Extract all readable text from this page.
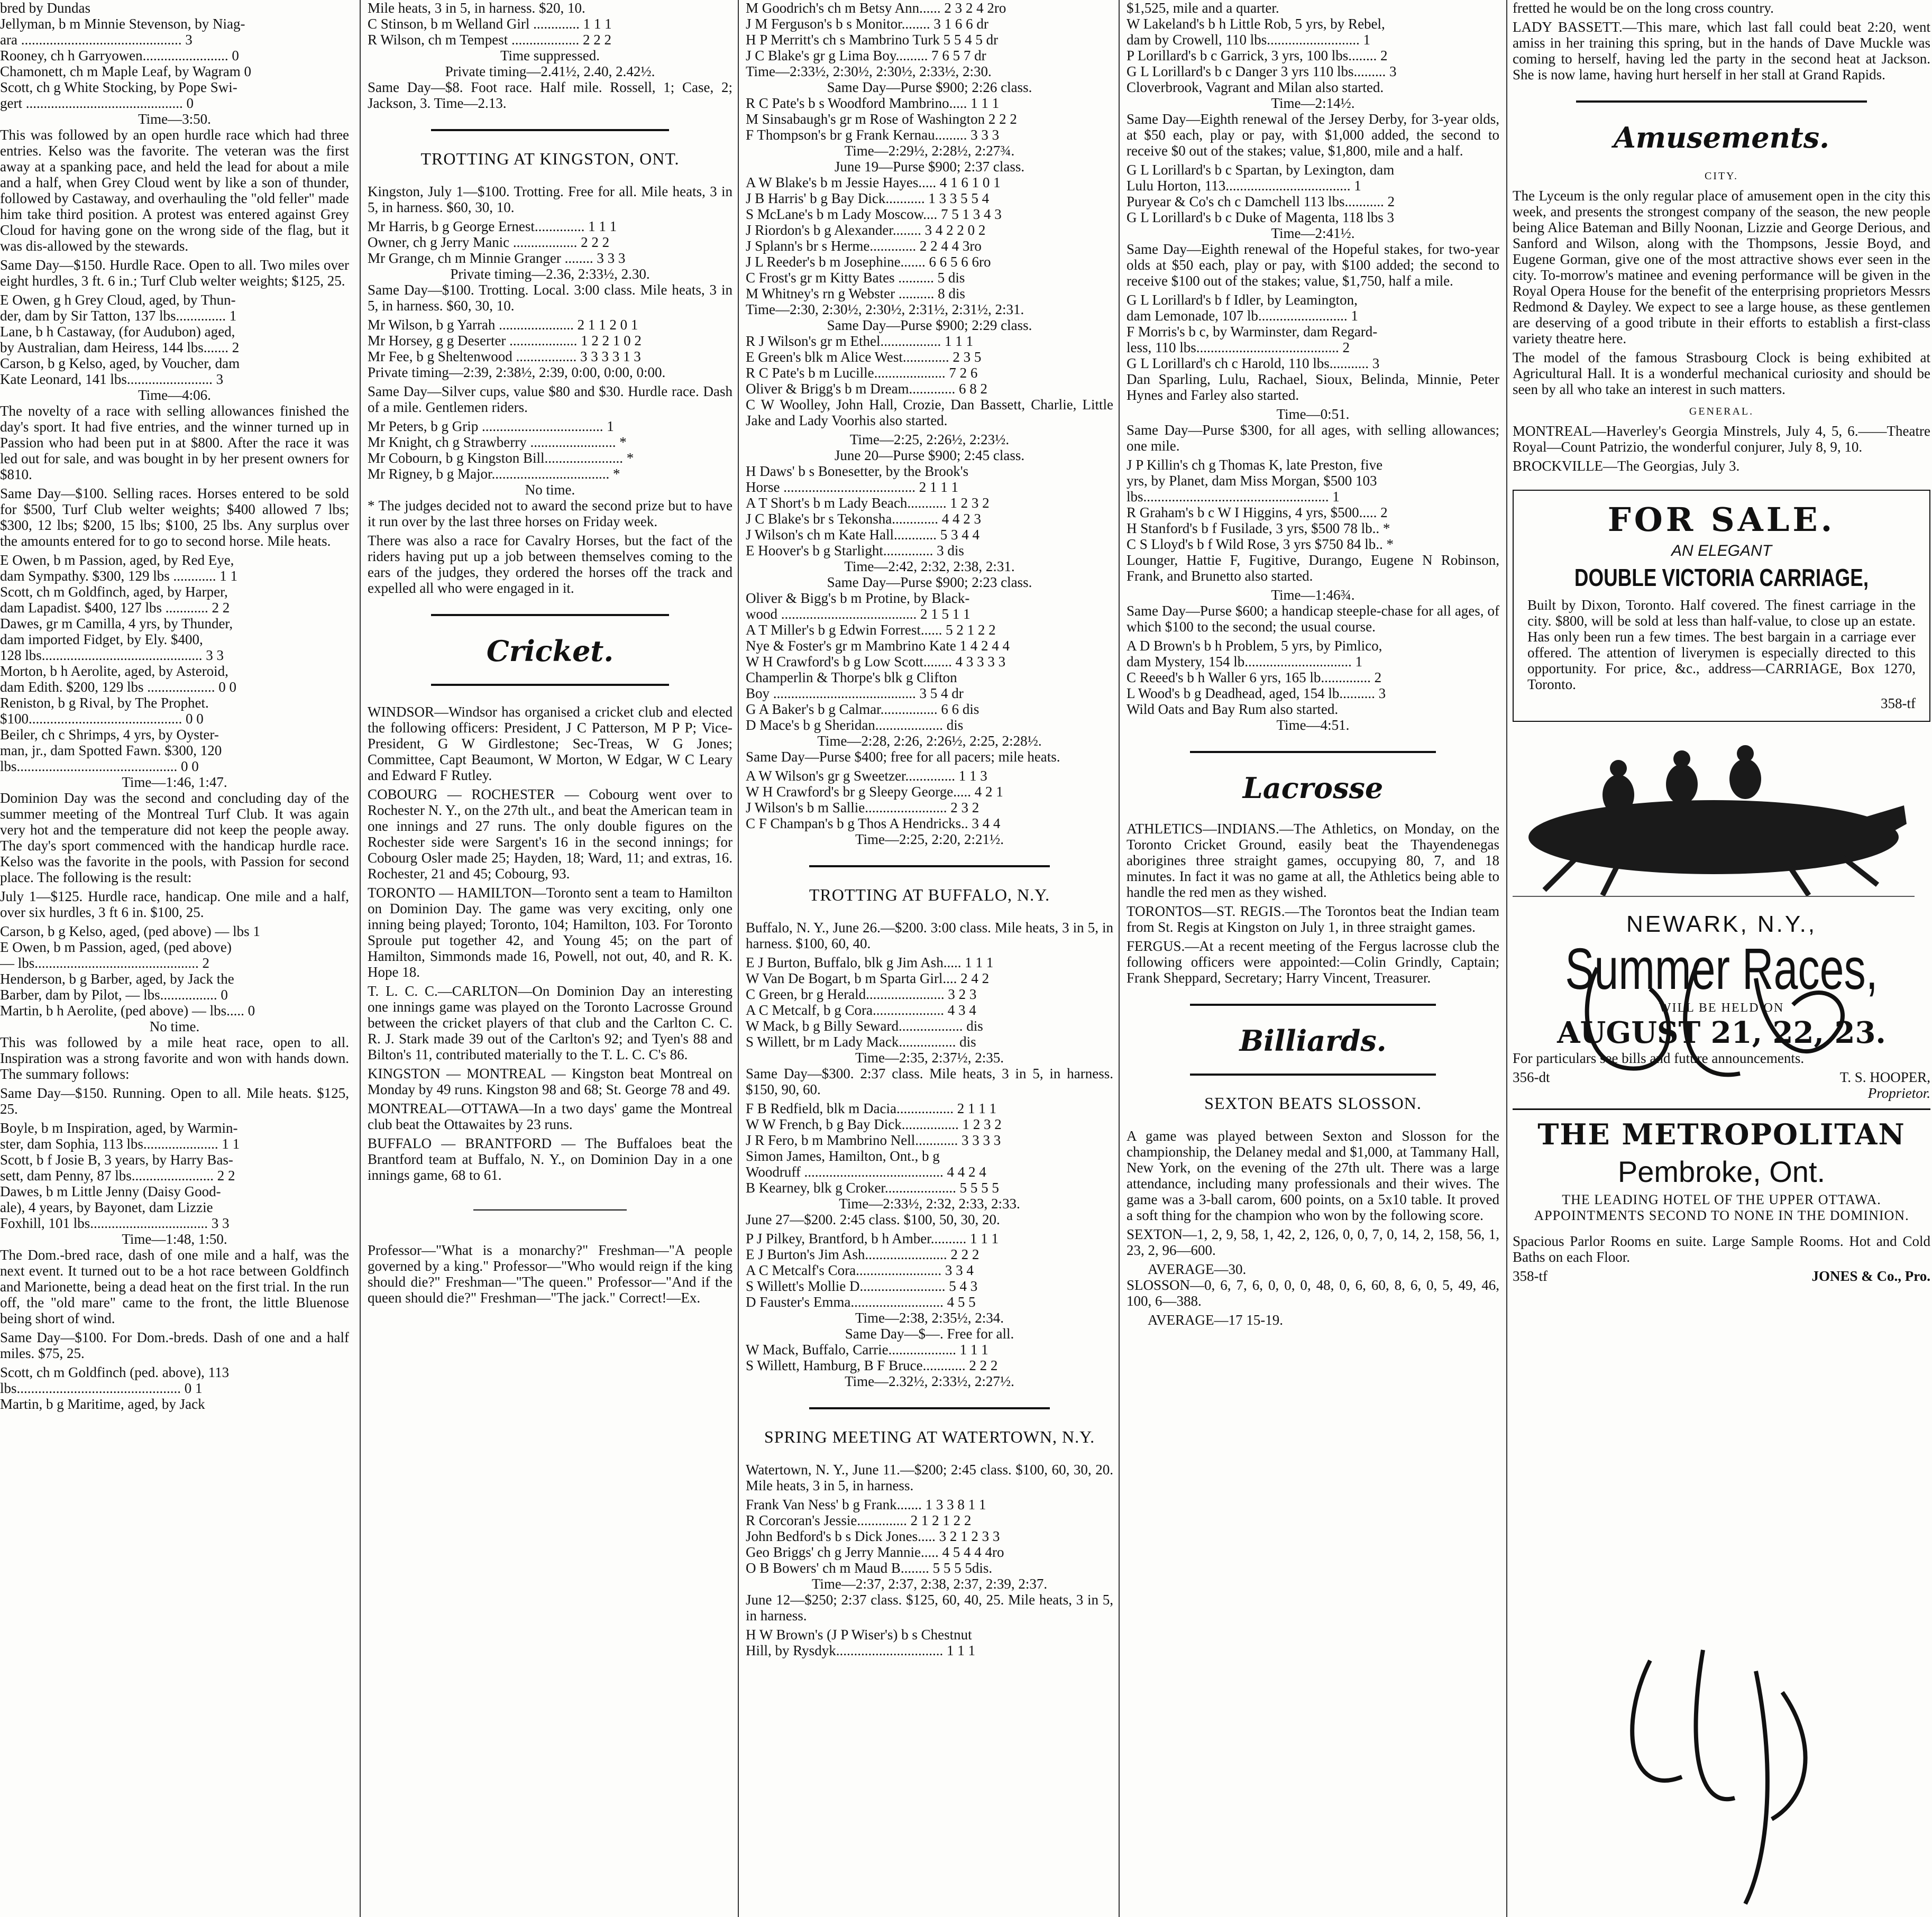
bred by Dundas
Jellyman, b m Minnie Stevenson, by Niag-
ara ............................................. 3
Rooney, ch h Garryowen........................ 0
Chamonett, ch m Maple Leaf, by Wagram 0
Scott, ch g White Stocking, by Pope Swi-
gert ............................................ 0
Time—3:50.

This was followed by an open hurdle race which had three entries. Kelso was the favorite. The veteran was the first away at a spanking pace, and held the lead for about a mile and a half, when Grey Cloud went by like a son of thunder, followed by Castaway, and overhauling the "old feller" made him take third position. A protest was entered against Grey Cloud for having gone on the wrong side of the flag, but it was dis-allowed by the stewards.

Same Day—$150. Hurdle Race. Open to all. Two miles over eight hurdles, 3 ft. 6 in.; Turf Club welter weights; $125, 25.

E Owen, g h Grey Cloud, aged, by Thun-
der, dam by Sir Tatton, 137 lbs.............. 1
Lane, b h Castaway, (for Audubon) aged,
by Australian, dam Heiress, 144 lbs....... 2
Carson, b g Kelso, aged, by Voucher, dam
Kate Leonard, 141 lbs........................ 3
Time—4:06.

The novelty of a race with selling allowances finished the day's sport. It had five entries, and the winner turned up in Passion who had been put in at $800. After the race it was led out for sale, and was bought in by her present owners for $810.

Same Day—$100. Selling races. Horses entered to be sold for $500, Turf Club welter weights; $400 allowed 7 lbs; $300, 12 lbs; $200, 15 lbs; $100, 25 lbs. Any surplus over the amounts entered for to go to second horse. Mile heats.

E Owen, b m Passion, aged, by Red Eye,
dam Sympathy. $300, 129 lbs ............ 1 1
Scott, ch m Goldfinch, aged, by Harper,
dam Lapadist. $400, 127 lbs ............ 2 2
Dawes, gr m Camilla, 4 yrs, by Thunder,
dam imported Fidget, by Ely. $400,
128 lbs............................................. 3 3
Morton, b h Aerolite, aged, by Asteroid,
dam Edith. $200, 129 lbs ................... 0 0
Reniston, b g Rival, by The Prophet.
$100........................................... 0 0
Beiler, ch c Shrimps, 4 yrs, by Oyster-
man, jr., dam Spotted Fawn. $300, 120
lbs............................................. 0 0
Time—1:46, 1:47.

Dominion Day was the second and concluding day of the summer meeting of the Montreal Turf Club. It was again very hot and the temperature did not keep the people away. The day's sport commenced with the handicap hurdle race. Kelso was the favorite in the pools, with Passion for second place. The following is the result:

July 1—$125. Hurdle race, handicap. One mile and a half, over six hurdles, 3 ft 6 in. $100, 25.

Carson, b g Kelso, aged, (ped above) — lbs 1
E Owen, b m Passion, aged, (ped above)
— lbs.............................................. 2
Henderson, b g Barber, aged, by Jack the
Barber, dam by Pilot, — lbs................ 0
Martin, b h Aerolite, (ped above) — lbs..... 0
No time.

This was followed by a mile heat race, open to all. Inspiration was a strong favorite and won with hands down. The summary follows:

Same Day—$150. Running. Open to all. Mile heats. $125, 25.

Boyle, b m Inspiration, aged, by Warmin-
ster, dam Sophia, 113 lbs..................... 1 1
Scott, b f Josie B, 3 years, by Harry Bas-
sett, dam Penny, 87 lbs....................... 2 2
Dawes, b m Little Jenny (Daisy Good-
ale), 4 years, by Bayonet, dam Lizzie
Foxhill, 101 lbs................................. 3 3
Time—1:48, 1:50.

The Dom.-bred race, dash of one mile and a half, was the next event. It turned out to be a hot race between Goldfinch and Marionette, being a dead heat on the first trial. In the run off, the "old mare" came to the front, the little Bluenose being short of wind.

Same Day—$100. For Dom.-breds. Dash of one and a half miles. $75, 25.

Scott, ch m Goldfinch (ped. above), 113
lbs.............................................. 0 1
Martin, b g Maritime, aged, by Jack
Mile heats, 3 in 5, in harness. $20, 10.
C Stinson, b m Welland Girl ............. 1 1 1
R Wilson, ch m Tempest ................... 2 2 2
Time suppressed.
Private timing—2.41½, 2.40, 2.42½.

Same Day—$8. Foot race. Half mile. Rossell, 1; Case, 2; Jackson, 3. Time—2.13.

TROTTING AT KINGSTON, ONT.

Kingston, July 1—$100. Trotting. Free for all. Mile heats, 3 in 5, in harness. $60, 30, 10.

Mr Harris, b g George Ernest.............. 1 1 1
Owner, ch g Jerry Manic .................. 2 2 2
Mr Grange, ch m Minnie Granger ........ 3 3 3
Private timing—2.36, 2:33½, 2.30.

Same Day—$100. Trotting. Local. 3:00 class. Mile heats, 3 in 5, in harness. $60, 30, 10.

Mr Wilson, b g Yarrah ..................... 2 1 1 2 0 1
Mr Horsey, g g Deserter ................... 1 2 2 1 0 2
Mr Fee, b g Sheltenwood ................. 3 3 3 3 1 3

Private timing—2:39, 2:38½, 2:39, 0:00, 0:00, 0:00.

Same Day—Silver cups, value $80 and $30. Hurdle race. Dash of a mile. Gentlemen riders.

Mr Peters, b g Grip .................................. 1
Mr Knight, ch g Strawberry ........................ *
Mr Cobourn, b g Kingston Bill...................... *
Mr Rigney, b g Major................................. *
No time.

* The judges decided not to award the second prize but to have it run over by the last three horses on Friday week.

There was also a race for Cavalry Horses, but the fact of the riders having put up a job between themselves coming to the ears of the judges, they ordered the horses off the track and expelled all who were engaged in it.

Cricket.

WINDSOR—Windsor has organised a cricket club and elected the following officers: President, J C Patterson, M P P; Vice-President, G W Girdlestone; Sec-Treas, W G Jones; Committee, Capt Beaumont, W Morton, W Edgar, W C Leary and Edward F Rutley.

COBOURG — ROCHESTER — Cobourg went over to Rochester N. Y., on the 27th ult., and beat the American team in one innings and 27 runs. The only double figures on the Rochester side were Sargent's 16 in the second innings; for Cobourg Osler made 25; Hayden, 18; Ward, 11; and extras, 16. Rochester, 21 and 45; Cobourg, 93.

TORONTO — HAMILTON—Toronto sent a team to Hamilton on Dominion Day. The game was very exciting, only one inning being played; Toronto, 104; Hamilton, 103. For Toronto Sproule put together 42, and Young 45; on the part of Hamilton, Simmonds made 16, Powell, not out, 40, and R. K. Hope 18.

T. L. C. C.—CARLTON—On Dominion Day an interesting one innings game was played on the Toronto Lacrosse Ground between the cricket players of that club and the Carlton C. C. R. J. Stark made 39 out of the Carlton's 92; and Tyen's 88 and Bilton's 11, contributed materially to the T. L. C. C's 86.

KINGSTON — MONTREAL — Kingston beat Montreal on Monday by 49 runs. Kingston 98 and 68; St. George 78 and 49.

MONTREAL—OTTAWA—In a two days' game the Montreal club beat the Ottawaites by 23 runs.

BUFFALO — BRANTFORD — The Buffaloes beat the Brantford team at Buffalo, N. Y., on Dominion Day in a one innings game, 68 to 61.

Professor—"What is a monarchy?" Freshman—"A people governed by a king." Professor—"Who would reign if the king should die?" Freshman—"The queen." Professor—"And if the queen should die?" Freshman—"The jack." Correct!—Ex.

M Goodrich's ch m Betsy Ann...... 2 3 2 4 2ro
J M Ferguson's b s Monitor........ 3 1 6 6 dr
H P Merritt's ch s Mambrino Turk 5 5 4 5 dr
J C Blake's gr g Lima Boy......... 7 6 5 7 dr
Time—2:33½, 2:30½, 2:30½, 2:33½, 2:30.
Same Day—Purse $900; 2:26 class.
R C Pate's b s Woodford Mambrino..... 1 1 1
M Sinsabaugh's gr m Rose of Washington 2 2 2
F Thompson's br g Frank Kernau......... 3 3 3
Time—2:29½, 2:28½, 2:27¾.
June 19—Purse $900; 2:37 class.
A W Blake's b m Jessie Hayes..... 4 1 6 1 0 1
J B Harris' b g Bay Dick........... 1 3 3 5 5 4
S McLane's b m Lady Moscow.... 7 5 1 3 4 3
J Riordon's b g Alexander........ 3 4 2 2 0 2
J Splann's br s Herme............. 2 2 4 4 3ro
J L Reeder's b m Josephine....... 6 6 5 6 6ro
C Frost's gr m Kitty Bates .......... 5 dis
M Whitney's rn g Webster .......... 8 dis
Time—2:30, 2:30½, 2:30½, 2:31½, 2:31½, 2:31.
Same Day—Purse $900; 2:29 class.
R J Wilson's gr m Ethel................. 1 1 1
E Green's blk m Alice West............. 2 3 5
R C Pate's b m Lucille.................... 7 2 6
Oliver & Brigg's b m Dream............. 6 8 2

C W Woolley, John Hall, Crozie, Dan Bassett, Charlie, Little Jake and Lady Voorhis also started.

Time—2:25, 2:26½, 2:23½.
June 20—Purse $900; 2:45 class.
H Daws' b s Bonesetter, by the Brook's
Horse ..................................... 2 1 1 1
A T Short's b m Lady Beach........... 1 2 3 2
J C Blake's br s Tekonsha............. 4 4 2 3
J Wilson's ch m Kate Hall............ 5 3 4 4
E Hoover's b g Starlight.............. 3 dis
Time—2:42, 2:32, 2:38, 2:31.
Same Day—Purse $900; 2:23 class.
Oliver & Bigg's b m Protine, by Black-
wood ...................................... 2 1 5 1 1
A T Miller's b g Edwin Forrest...... 5 2 1 2 2
Nye & Foster's gr m Mambrino Kate 1 4 2 4 4
W H Crawford's b g Low Scott........ 4 3 3 3 3
Champerlin & Thorpe's blk g Clifton
Boy ........................................ 3 5 4 dr
G A Baker's b g Calmar................ 6 6 dis
D Mace's b g Sheridan................... dis
Time—2:28, 2:26, 2:26½, 2:25, 2:28½.

Same Day—Purse $400; free for all pacers; mile heats.

A W Wilson's gr g Sweetzer.............. 1 1 3
W H Crawford's br g Sleepy George..... 4 2 1
J Wilson's b m Sallie....................... 2 3 2
C F Champan's b g Thos A Hendricks.. 3 4 4
Time—2:25, 2:20, 2:21½.
TROTTING AT BUFFALO, N.Y.

Buffalo, N. Y., June 26.—$200. 3:00 class. Mile heats, 3 in 5, in harness. $100, 60, 40.

E J Burton, Buffalo, blk g Jim Ash..... 1 1 1
W Van De Bogart, b m Sparta Girl.... 2 4 2
C Green, br g Herald...................... 3 2 3
A C Metcalf, b g Cora.................... 4 3 4
W Mack, b g Billy Seward.................. dis
S Willett, br m Lady Mack................ dis
Time—2:35, 2:37½, 2:35.

Same Day—$300. 2:37 class. Mile heats, 3 in 5, in harness. $150, 90, 60.

F B Redfield, blk m Dacia................ 2 1 1 1
W W French, b g Bay Dick................ 1 2 3 2
J R Fero, b m Mambrino Nell............ 3 3 3 3
Simon James, Hamilton, Ont., b g
Woodruff ....................................... 4 4 2 4
B Kearney, blk g Croker.................... 5 5 5 5
Time—2:33½, 2:32, 2:33, 2:33.

June 27—$200. 2:45 class. $100, 50, 30, 20.

P J Pilkey, Brantford, b h Amber.......... 1 1 1
E J Burton's Jim Ash....................... 2 2 2
A C Metcalf's Cora........................ 3 3 4
S Willett's Mollie D........................ 5 4 3
D Fauster's Emma.......................... 4 5 5
Time—2:38, 2:35½, 2:34.
Same Day—$—. Free for all.
W Mack, Buffalo, Carrie................... 1 1 1
S Willett, Hamburg, B F Bruce............ 2 2 2
Time—2.32½, 2:33½, 2:27½.
SPRING MEETING AT WATERTOWN, N.Y.

Watertown, N. Y., June 11.—$200; 2:45 class. $100, 60, 30, 20. Mile heats, 3 in 5, in harness.

Frank Van Ness' b g Frank....... 1 3 3 8 1 1
R Corcoran's Jessie.............. 2 1 2 1 2 2
John Bedford's b s Dick Jones..... 3 2 1 2 3 3
Geo Briggs' ch g Jerry Mannie..... 4 5 4 4 4ro
O B Bowers' ch m Maud B........ 5 5 5 5dis.
Time—2:37, 2:37, 2:38, 2:37, 2:39, 2:37.

June 12—$250; 2:37 class. $125, 60, 40, 25. Mile heats, 3 in 5, in harness.

H W Brown's (J P Wiser's) b s Chestnut
Hill, by Rysdyk.............................. 1 1 1
$1,525, mile and a quarter.
W Lakeland's b h Little Rob, 5 yrs, by Rebel,
dam by Crowell, 110 lbs.......................... 1
P Lorillard's b c Garrick, 3 yrs, 100 lbs........ 2
G L Lorillard's b c Danger 3 yrs 110 lbs......... 3
Cloverbrook, Vagrant and Milan also started.
Time—2:14½.

Same Day—Eighth renewal of the Jersey Derby, for 3-year olds, at $50 each, play or pay, with $1,000 added, the second to receive $0 out of the stakes; value, $1,800, mile and a half.

G L Lorillard's b c Spartan, by Lexington, dam
Lulu Horton, 113................................... 1
Puryear & Co's ch c Damchell 113 lbs........... 2
G L Lorillard's b c Duke of Magenta, 118 lbs 3
Time—2:41½.

Same Day—Eighth renewal of the Hopeful stakes, for two-year olds at $50 each, play or pay, with $100 added; the second to receive $100 out of the stakes; value, $1,750, half a mile.

G L Lorillard's b f Idler, by Leamington,
dam Lemonade, 107 lb......................... 1
F Morris's b c, by Warminster, dam Regard-
less, 110 lbs........................................ 2
G L Lorillard's ch c Harold, 110 lbs........... 3

Dan Sparling, Lulu, Rachael, Sioux, Belinda, Minnie, Peter Hynes and Farley also started.

Time—0:51.

Same Day—Purse $300, for all ages, with selling allowances; one mile.

J P Killin's ch g Thomas K, late Preston, five
yrs, by Planet, dam Miss Morgan, $500 103
lbs.................................................... 1
R Graham's b c W I Higgins, 4 yrs, $500..... 2
H Stanford's b f Fusilade, 3 yrs, $500 78 lb.. *
C S Lloyd's b f Wild Rose, 3 yrs $750 84 lb.. *

Lounger, Hattie F, Fugitive, Durango, Eugene N Robinson, Frank, and Brunetto also started.

Time—1:46¾.

Same Day—Purse $600; a handicap steeple-chase for all ages, of which $100 to the second; the usual course.

A D Brown's b h Problem, 5 yrs, by Pimlico,
dam Mystery, 154 lb.............................. 1
C Reeed's b h Waller 6 yrs, 165 lb.............. 2
L Wood's b g Deadhead, aged, 154 lb.......... 3
Wild Oats and Bay Rum also started.
Time—4:51.
Lacrosse

ATHLETICS—INDIANS.—The Athletics, on Monday, on the Toronto Cricket Ground, easily beat the Thayendenegas aborigines three straight games, occupying 80, 7, and 18 minutes. In fact it was no game at all, the Athletics being able to handle the red men as they wished.

TORONTOS—ST. REGIS.—The Torontos beat the Indian team from St. Regis at Kingston on July 1, in three straight games.

FERGUS.—At a recent meeting of the Fergus lacrosse club the following officers were appointed:—Colin Grindly, Captain; Frank Sheppard, Secretary; Harry Vincent, Treasurer.

Billiards.
SEXTON BEATS SLOSSON.

A game was played between Sexton and Slosson for the championship, the Delaney medal and $1,000, at Tammany Hall, New York, on the evening of the 27th ult. There was a large attendance, including many professionals and their wives. The game was a 3-ball carom, 600 points, on a 5x10 table. It proved a soft thing for the champion who won by the following score.

SEXTON—1, 2, 9, 58, 1, 42, 2, 126, 0, 0, 7, 0, 14, 2, 158, 56, 1, 23, 2, 96—600.

AVERAGE—30.

SLOSSON—0, 6, 7, 6, 0, 0, 0, 48, 0, 6, 60, 8, 6, 0, 5, 49, 46, 100, 6—388.

AVERAGE—17 15-19.

fretted he would be on the long cross country.

LADY BASSETT.—This mare, which last fall could beat 2:20, went amiss in her training this spring, but in the hands of Dave Muckle was coming to herself, having led the party in the second heat at Jackson. She is now lame, having hurt herself in her stall at Grand Rapids.

Amusements.
CITY.

The Lyceum is the only regular place of amusement open in the city this week, and presents the strongest company of the season, the new people being Alice Bateman and Billy Noonan, Lizzie and George Derious, and Sanford and Wilson, along with the Thompsons, Jessie Boyd, and Eugene Gorman, give one of the most attractive shows ever seen in the city. To-morrow's matinee and evening performance will be given in the Royal Opera House for the benefit of the enterprising proprietors Messrs Redmond & Dayley. We expect to see a large house, as these gentlemen are deserving of a good tribute in their efforts to establish a first-class variety theatre here.

The model of the famous Strasbourg Clock is being exhibited at Agricultural Hall. It is a wonderful mechanical curiosity and should be seen by all who take an interest in such matters.

GENERAL.

MONTREAL—Haverley's Georgia Minstrels, July 4, 5, 6.——Theatre Royal—Count Patrizio, the wonderful conjurer, July 8, 9, 10.

BROCKVILLE—The Georgias, July 3.

FOR SALE.
AN ELEGANT
DOUBLE VICTORIA CARRIAGE,

Built by Dixon, Toronto. Half covered. The finest carriage in the city. $800, will be sold at less than half-value, to close up an estate. Has only been run a few times. The best bargain in a carriage ever offered. The attention of liverymen is especially directed to this opportunity. For price, &c., address—CARRIAGE, Box 1270, Toronto.

358-tf
NEWARK, N.Y.,
Summer Races,
WILL BE HELD ON
AUGUST 21, 22, 23.

For particulars see bills and future announcements.

356-dt	T. S. HOOPER,
Proprietor.
THE METROPOLITAN
Pembroke, Ont.
THE LEADING HOTEL OF THE UPPER OTTAWA. APPOINTMENTS SECOND TO NONE IN THE DOMINION.

Spacious Parlor Rooms en suite. Large Sample Rooms. Hot and Cold Baths on each Floor.

358-tf	JONES & Co., Pro.
